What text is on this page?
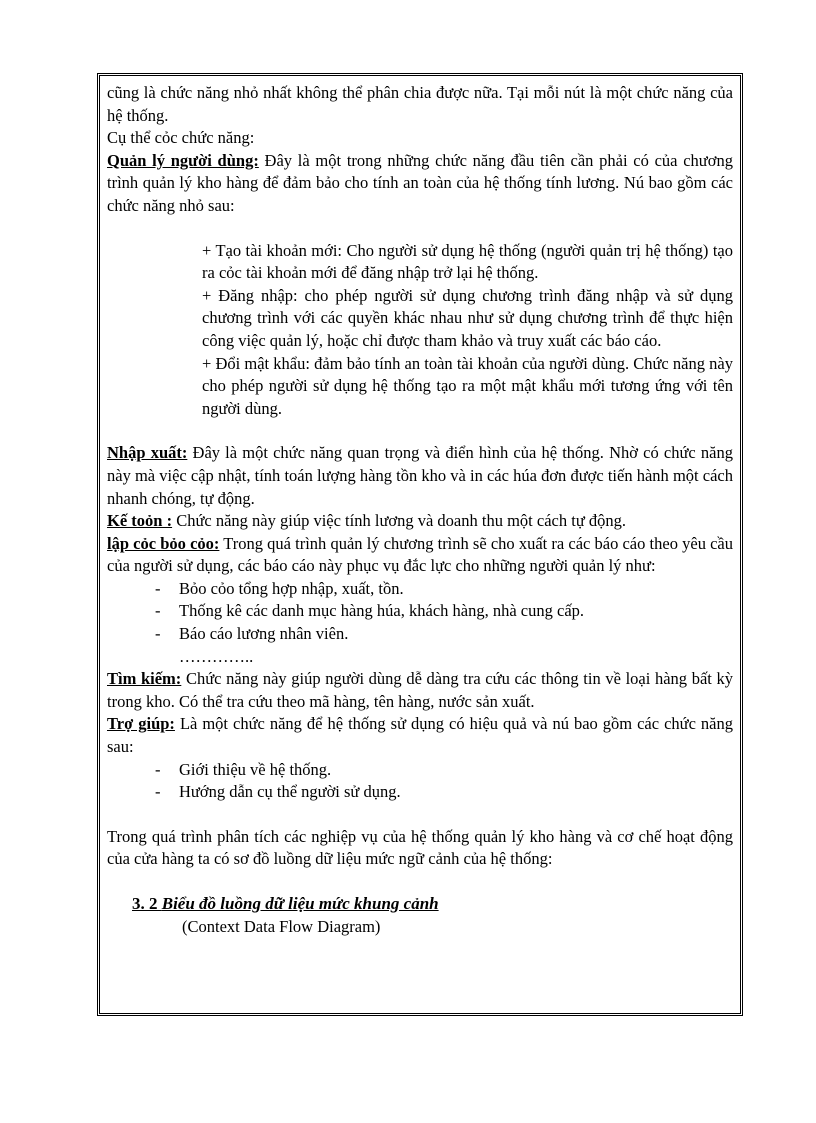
cũng là chức năng nhỏ nhất không thể phân chia được nữa. Tại mỗi nút là một chức năng của hệ thống.

Cụ thể cỏc chức năng:

Quản lý người dùng: Đây là một trong những chức năng đầu tiên cần phải có của chương trình quản lý kho hàng để đảm bảo cho tính an toàn của hệ thống tính lương. Nú bao gồm các chức năng nhỏ sau:

+ Tạo tài khoản mới: Cho người sử dụng hệ thống (người quản trị hệ thống) tạo ra cỏc tài khoản mới để đăng nhập trở lại hệ thống.

+ Đăng nhập: cho phép người sử dụng chương trình đăng nhập và sử dụng chương trình với các quyền khác nhau như sử dụng chương trình để thực hiện công việc quản lý, hoặc chỉ được tham khảo và truy xuất các báo cáo.

+ Đổi mật khẩu: đảm bảo tính an toàn tài khoản của người dùng. Chức năng này cho phép người sử dụng hệ thống tạo ra một mật khẩu mới tương ứng với tên người dùng.

Nhập xuất: Đây là một chức năng quan trọng và điển hình của hệ thống. Nhờ có chức năng này mà việc cập nhật, tính toán lượng hàng tồn kho và in các húa đơn được tiến hành một cách nhanh chóng, tự động.

Kế toỏn : Chức năng này giúp việc tính lương và doanh thu một cách tự động.

lập cỏc bỏo cỏo: Trong quá trình quản lý chương trình sẽ cho xuất ra các báo cáo theo yêu cầu của người sử dụng, các báo cáo này phục vụ đắc lực cho những người quản lý như:

- Bỏo cỏo tổng hợp nhập, xuất, tồn.
- Thống kê các danh mục hàng húa, khách hàng, nhà cung cấp.
- Báo cáo lương nhân viên.

…………..

Tìm kiếm: Chức năng này giúp người dùng dễ dàng tra cứu các thông tin về loại hàng bất kỳ trong kho. Có thể tra cứu theo mã hàng, tên hàng, nước sản xuất.

Trợ giúp: Là một chức năng để hệ thống sử dụng có hiệu quả và nú bao gồm các chức năng sau:

- Giới thiệu về hệ thống.
- Hướng dẫn cụ thể người sử dụng.

Trong quá trình phân tích các nghiệp vụ của hệ thống quản lý kho hàng và cơ chế hoạt động của cửa hàng ta có sơ đồ luồng dữ liệu mức ngữ cảnh của hệ thống:

3. 2 Biểu đồ luồng dữ liệu mức khung cảnh

(Context Data Flow Diagram)
